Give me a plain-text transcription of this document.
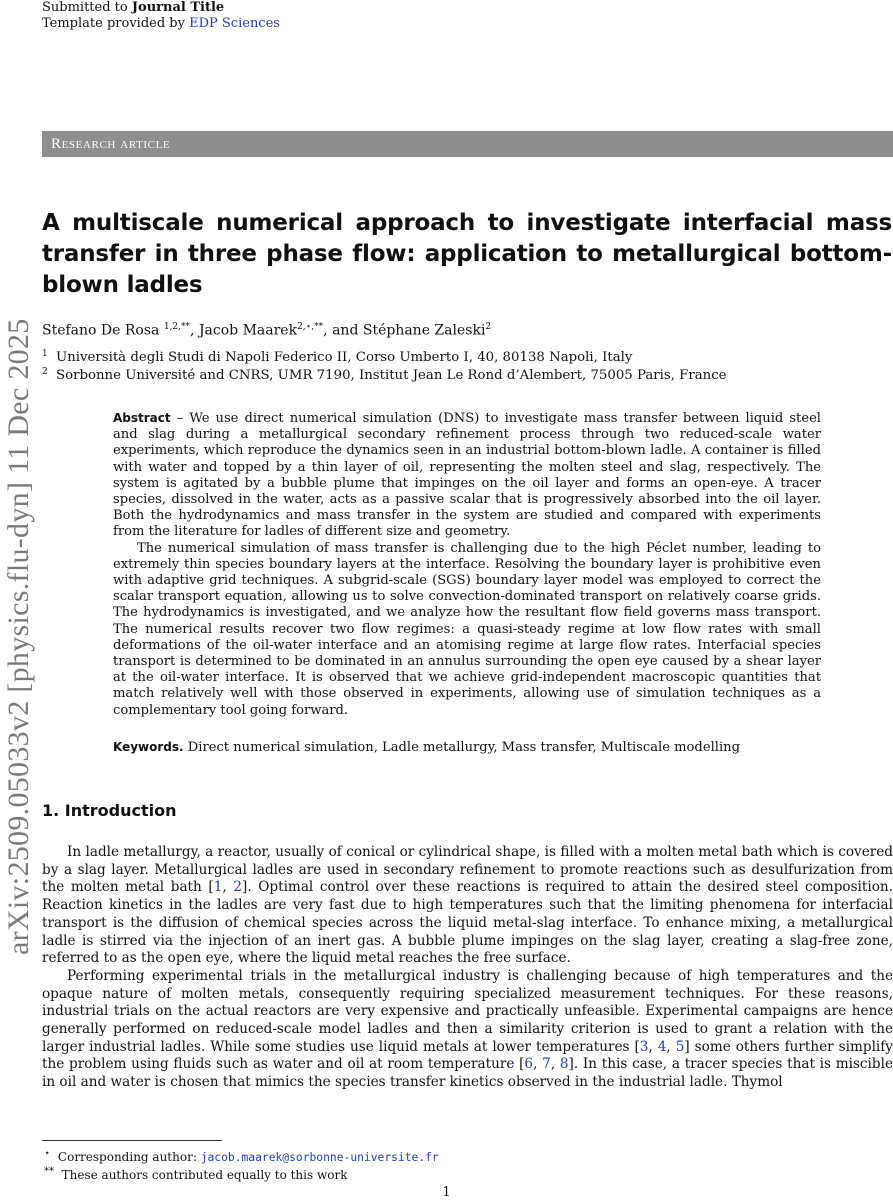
Submitted to Journal Title
Template provided by EDP Sciences
arXiv:2509.05033v2 [physics.flu-dyn] 11 Dec 2025
Research article
A multiscale numerical approach to investigate interfacial mass transfer in three phase flow: application to metallurgical bottom-blown ladles
Stefano De Rosa $^{1,2,**}$, Jacob Maarek$^{2,⋆,**}$, and Stéphane Zaleski$^2$
$^1$ Università degli Studi di Napoli Federico II, Corso Umberto I, 40, 80138 Napoli, Italy
$^2$ Sorbonne Université and CNRS, UMR 7190, Institut Jean Le Rond d’Alembert, 75005 Paris, France

Abstract – We use direct numerical simulation (DNS) to investigate mass transfer between liquid steel and slag during a metallurgical secondary refinement process through two reduced-scale water experiments, which reproduce the dynamics seen in an industrial bottom-blown ladle. A container is filled with water and topped by a thin layer of oil, representing the molten steel and slag, respectively. The system is agitated by a bubble plume that impinges on the oil layer and forms an open-eye. A tracer species, dissolved in the water, acts as a passive scalar that is progressively absorbed into the oil layer. Both the hydrodynamics and mass transfer in the system are studied and compared with experiments from the literature for ladles of different size and geometry.

The numerical simulation of mass transfer is challenging due to the high Péclet number, leading to extremely thin species boundary layers at the interface. Resolving the boundary layer is prohibitive even with adaptive grid techniques. A subgrid-scale (SGS) boundary layer model was employed to correct the scalar transport equation, allowing us to solve convection-dominated transport on relatively coarse grids. The hydrodynamics is investigated, and we analyze how the resultant flow field governs mass transport. The numerical results recover two flow regimes: a quasi-steady regime at low flow rates with small deformations of the oil-water interface and an atomising regime at large flow rates. Interfacial species transport is determined to be dominated in an annulus surrounding the open eye caused by a shear layer at the oil-water interface. It is observed that we achieve grid-independent macroscopic quantities that match relatively well with those observed in experiments, allowing use of simulation techniques as a complementary tool going forward.

Keywords. Direct numerical simulation, Ladle metallurgy, Mass transfer, Multiscale modelling
1. Introduction

In ladle metallurgy, a reactor, usually of conical or cylindrical shape, is filled with a molten metal bath which is covered by a slag layer. Metallurgical ladles are used in secondary refinement to promote reactions such as desulfurization from the molten metal bath [1, 2]. Optimal control over these reactions is required to attain the desired steel composition. Reaction kinetics in the ladles are very fast due to high temperatures such that the limiting phenomena for interfacial transport is the diffusion of chemical species across the liquid metal-slag interface. To enhance mixing, a metallurgical ladle is stirred via the injection of an inert gas. A bubble plume impinges on the slag layer, creating a slag-free zone, referred to as the open eye, where the liquid metal reaches the free surface.

Performing experimental trials in the metallurgical industry is challenging because of high temperatures and the opaque nature of molten metals, consequently requiring specialized measurement techniques. For these reasons, industrial trials on the actual reactors are very expensive and practically unfeasible. Experimental campaigns are hence generally performed on reduced-scale model ladles and then a similarity criterion is used to grant a relation with the larger industrial ladles. While some studies use liquid metals at lower temperatures [3, 4, 5] some others further simplify the problem using fluids such as water and oil at room temperature [6, 7, 8]. In this case, a tracer species that is miscible in oil and water is chosen that mimics the species transfer kinetics observed in the industrial ladle. Thymol

⋆ Corresponding author: jacob.maarek@sorbonne-universite.fr
** These authors contributed equally to this work
1
